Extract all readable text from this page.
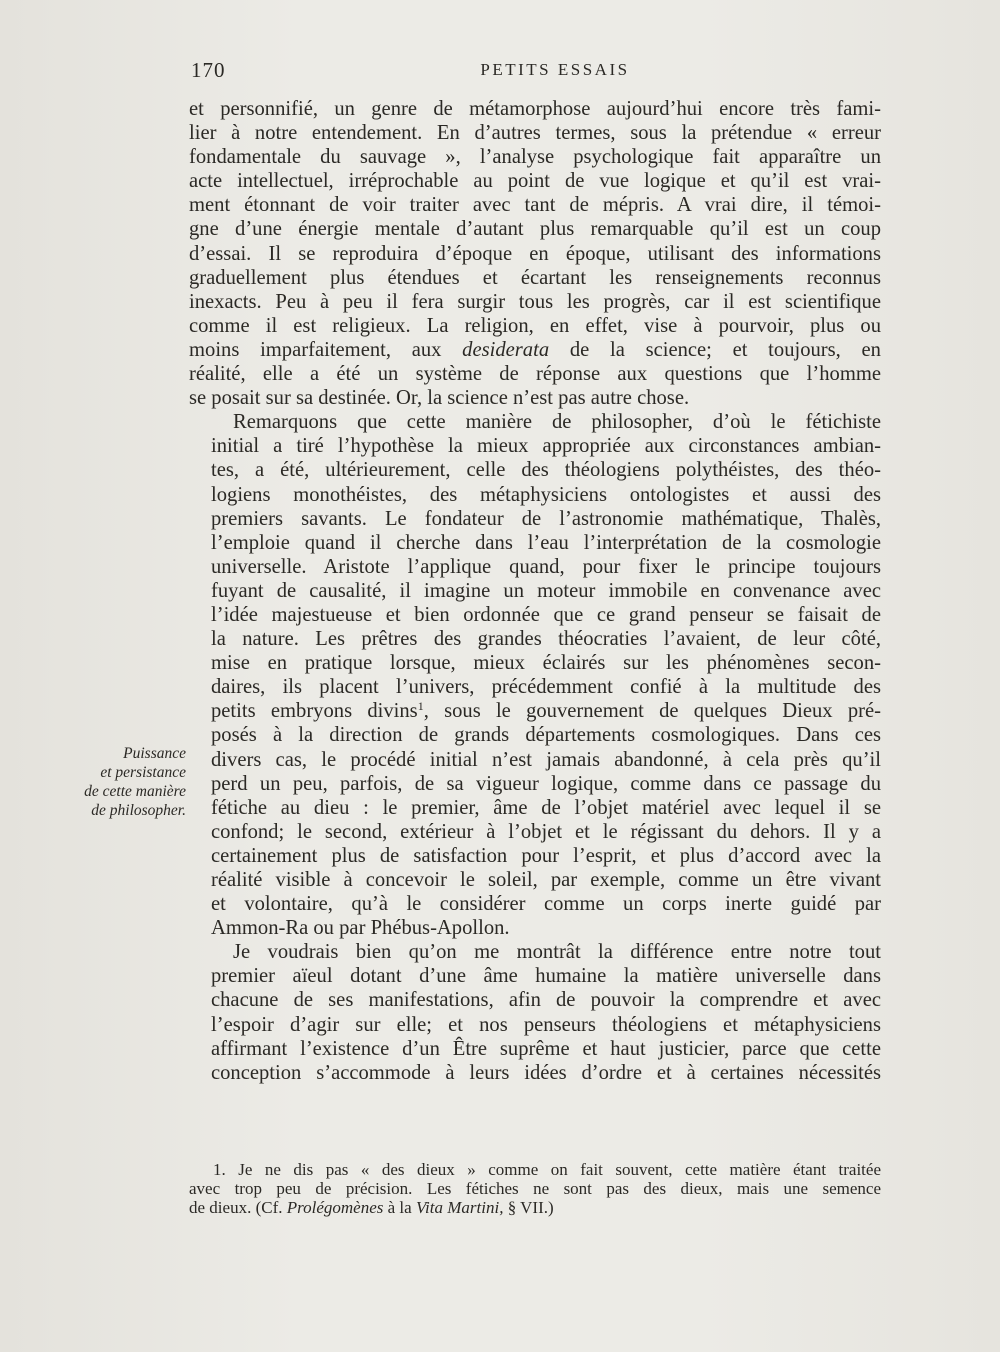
170	PETITS ESSAIS
Puissance
et persistance
de cette manière
de philosopher.
et personnifié, un genre de métamorphose aujourd’hui encore très fami-
lier à notre entendement. En d’autres termes, sous la prétendue « erreur
fondamentale du sauvage », l’analyse psychologique fait apparaître un
acte intellectuel, irréprochable au point de vue logique et qu’il est vrai-
ment étonnant de voir traiter avec tant de mépris. A vrai dire, il témoi-
gne d’une énergie mentale d’autant plus remarquable qu’il est un coup
d’essai. Il se reproduira d’époque en époque, utilisant des informations
graduellement plus étendues et écartant les renseignements reconnus
inexacts. Peu à peu il fera surgir tous les progrès, car il est scientifique
comme il est religieux. La religion, en effet, vise à pourvoir, plus ou
moins imparfaitement, aux desiderata de la science; et toujours, en
réalité, elle a été un système de réponse aux questions que l’homme
se posait sur sa destinée. Or, la science n’est pas autre chose.
Remarquons que cette manière de philosopher, d’où le fétichiste
initial a tiré l’hypothèse la mieux appropriée aux circonstances ambian-
tes, a été, ultérieurement, celle des théologiens polythéistes, des théo-
logiens monothéistes, des métaphysiciens ontologistes et aussi des
premiers savants. Le fondateur de l’astronomie mathématique, Thalès,
l’emploie quand il cherche dans l’eau l’interprétation de la cosmologie
universelle. Aristote l’applique quand, pour fixer le principe toujours
fuyant de causalité, il imagine un moteur immobile en convenance avec
l’idée majestueuse et bien ordonnée que ce grand penseur se faisait de
la nature. Les prêtres des grandes théocraties l’avaient, de leur côté,
mise en pratique lorsque, mieux éclairés sur les phénomènes secon-
daires, ils placent l’univers, précédemment confié à la multitude des
petits embryons divins$^1$, sous le gouvernement de quelques Dieux pré-
posés à la direction de grands départements cosmologiques. Dans ces
divers cas, le procédé initial n’est jamais abandonné, à cela près qu’il
perd un peu, parfois, de sa vigueur logique, comme dans ce passage du
fétiche au dieu : le premier, âme de l’objet matériel avec lequel il se
confond; le second, extérieur à l’objet et le régissant du dehors. Il y a
certainement plus de satisfaction pour l’esprit, et plus d’accord avec la
réalité visible à concevoir le soleil, par exemple, comme un être vivant
et volontaire, qu’à le considérer comme un corps inerte guidé par
Ammon-Ra ou par Phébus-Apollon.
Je voudrais bien qu’on me montrât la différence entre notre tout
premier aïeul dotant d’une âme humaine la matière universelle dans
chacune de ses manifestations, afin de pouvoir la comprendre et avec
l’espoir d’agir sur elle; et nos penseurs théologiens et métaphysiciens
affirmant l’existence d’un Être suprême et haut justicier, parce que cette
conception s’accommode à leurs idées d’ordre et à certaines nécessités
1. Je ne dis pas « des dieux » comme on fait souvent, cette matière étant traitée
avec trop peu de précision. Les fétiches ne sont pas des dieux, mais une semence
de dieux. (Cf. Prolégomènes à la Vita Martini, § VII.)
